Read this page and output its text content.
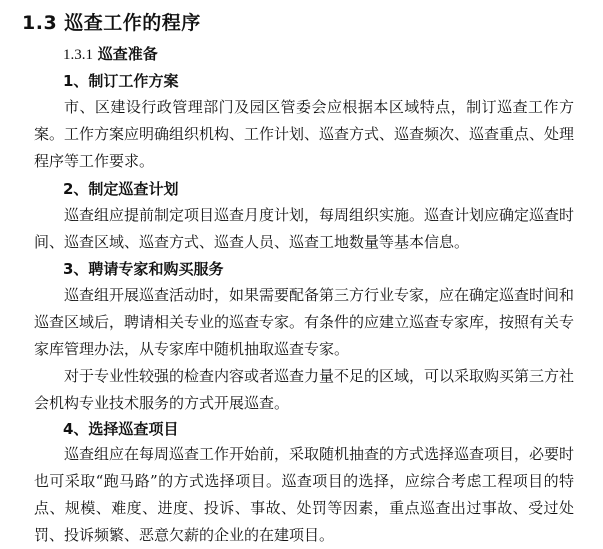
1.3 巡查工作的程序
1.3.1 巡查准备
1、制订工作方案
市、区建设行政管理部门及园区管委会应根据本区域特点，制订巡查工作方案。工作方案应明确组织机构、工作计划、巡查方式、巡查频次、巡查重点、处理程序等工作要求。
2、制定巡查计划
巡查组应提前制定项目巡查月度计划，每周组织实施。巡查计划应确定巡查时间、巡查区域、巡查方式、巡查人员、巡查工地数量等基本信息。
3、聘请专家和购买服务
巡查组开展巡查活动时，如果需要配备第三方行业专家，应在确定巡查时间和巡查区域后，聘请相关专业的巡查专家。有条件的应建立巡查专家库，按照有关专家库管理办法，从专家库中随机抽取巡查专家。
对于专业性较强的检查内容或者巡查力量不足的区域，可以采取购买第三方社会机构专业技术服务的方式开展巡查。
4、选择巡查项目
巡查组应在每周巡查工作开始前，采取随机抽查的方式选择巡查项目，必要时也可采取“跑马路”的方式选择项目。巡查项目的选择，应综合考虑工程项目的特点、规模、难度、进度、投诉、事故、处罚等因素，重点巡查出过事故、受过处罚、投诉频繁、恶意欠薪的企业的在建项目。
